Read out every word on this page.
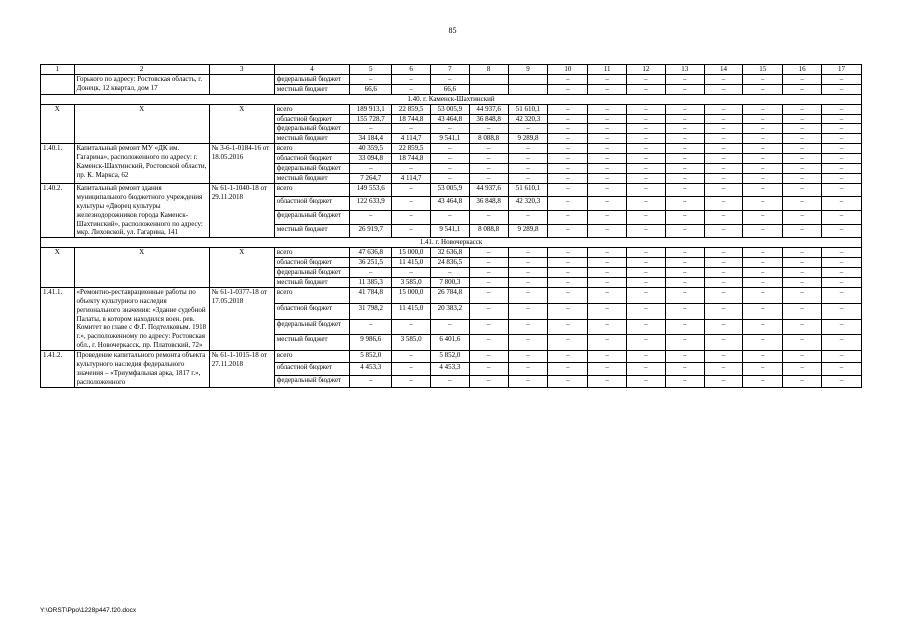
85
1	2	3	4	5	6	7	8	9	10	11	12	13	14	15	16	17
	Горького по адресу: Ростовская область, г. Донецк, 12 квартал, дом 17		федеральный бюджет	–	–	–			–	–	–	–	–	–	–	–
			местный бюджет	66,6	–	66,6			–	–	–	–	–	–	–	–
1.40. г. Каменск-Шахтинский																
Х	Х	Х	всего	189 913,1	22 859,5	53 005,9	44 937,6	51 610,1	–	–	–	–	–	–	–	–
			областной бюджет	155 728,7	18 744,8	43 464,8	36 848,8	42 320,3	–	–	–	–	–	–	–	–
			федеральный бюджет	–	–	–	–	–	–	–	–	–	–	–	–	–
			местный бюджет	34 184,4	4 114,7	9 541,1	8 088,8	9 289,8	–	–	–	–	–	–	–	–
1.40.1.	Капитальный ремонт МУ «ДК им. Гагарина», расположенного по адресу: г. Каменск-Шахтинский, Ростовской области, пр. К. Маркса, 62	№ 3-6-1-0184-16 от 18.05.2016	всего	40 359,5	22 859,5	–	–	–	–	–	–	–	–	–	–	–
			областной бюджет	33 094,8	18 744,8	–	–	–	–	–	–	–	–	–	–	–
			федеральный бюджет	–	–	–	–	–	–	–	–	–	–	–	–	–
			местный бюджет	7 264,7	4 114,7	–	–	–	–	–	–	–	–	–	–	–
1.40.2.	Капитальный ремонт здания муниципального бюджетного учреждения культуры «Дворец культуры железнодорожников города Каменск-Шахтинский», расположенного по адресу: мкр. Лиховской, ул. Гагарина, 141	№ 61-1-1040-18 от 29.11.2018	всего	149 553,6	–	53 005,9	44 937,6	51 610,1	–	–	–	–	–	–	–	–
			областной бюджет	122 633,9	–	43 464,8	36 848,8	42 320,3	–	–	–	–	–	–	–	–
			федеральный бюджет	–	–	–	–	–	–	–	–	–	–	–	–	–
			местный бюджет	26 919,7	–	9 541,1	8 088,8	9 289,8	–	–	–	–	–	–	–	–
1.41. г. Новочеркасск																
Х	Х	Х	всего	47 636,8	15 000,0	32 636,8	–	–	–	–	–	–	–	–	–	–
			областной бюджет	36 251,5	11 415,0	24 836,5	–	–	–	–	–	–	–	–	–	–
			федеральный бюджет	–	–	–	–	–	–	–	–	–	–	–	–	–
			местный бюджет	11 385,3	3 585,0	7 800,3	–	–	–	–	–	–	–	–	–	–
1.41.1.	«Ремонтно-реставрационные работы по объекту культурного наследия регионального значения: «Здание судебной Палаты, в котором находился воен. рев. Комитет во главе с Ф.Г. Подтелковым. 1918 г.», расположенному по адресу: Ростовская обл., г. Новочеркасск, пр. Платовский, 72»	№ 61-1-0377-18 от 17.05.2018	всего	41 784,8	15 000,0	26 784,8	–	–	–	–	–	–	–	–	–	–
			областной бюджет	31 798,2	11 415,0	20 383,2	–	–	–	–	–	–	–	–	–	–
			федеральный бюджет	–	–	–	–	–	–	–	–	–	–	–	–	–
			местный бюджет	9 986,6	3 585,0	6 401,6	–	–	–	–	–	–	–	–	–	–
1.41.2.	Проведение капитального ремонта объекта культурного наследия федерального значения – «Триумфальная арка, 1817 г.», расположенного	№ 61-1-1015-18 от 27.11.2018	всего	5 852,0	–	5 852,0	–	–	–	–	–	–	–	–	–	–
			областной бюджет	4 453,3	–	4 453,3	–	–	–	–	–	–	–	–	–	–
			федеральный бюджет	–	–	–	–	–	–	–	–	–	–	–	–	–
Y:\ORST\Ppo\1228p447.f20.docx
